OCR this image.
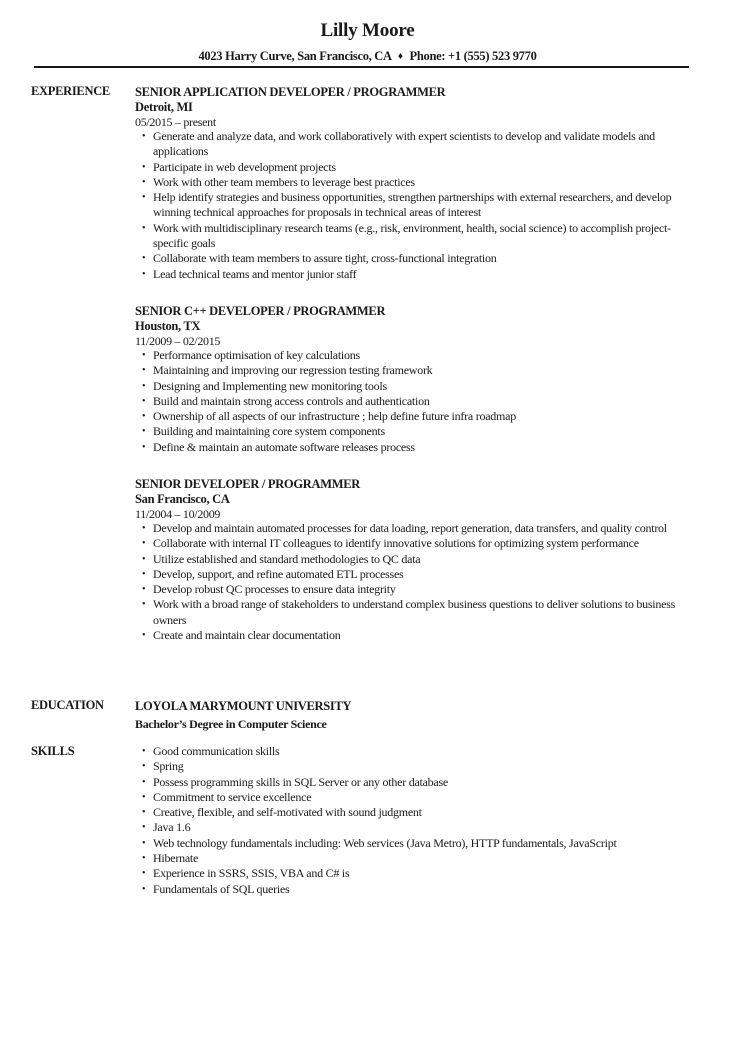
Lilly Moore
4023 Harry Curve, San Francisco, CA ♦ Phone: +1 (555) 523 9770
EXPERIENCE SENIOR APPLICATION DEVELOPER / PROGRAMMER
Detroit, MI
05/2015 – present
• Generate and analyze data, and work collaboratively with expert scientists to develop and validate models and applications
• Participate in web development projects
• Work with other team members to leverage best practices
• Help identify strategies and business opportunities, strengthen partnerships with external researchers, and develop winning technical approaches for proposals in technical areas of interest
• Work with multidisciplinary research teams (e.g., risk, environment, health, social science) to accomplish project-specific goals
• Collaborate with team members to assure tight, cross-functional integration
• Lead technical teams and mentor junior staff
SENIOR C++ DEVELOPER / PROGRAMMER
Houston, TX
11/2009 – 02/2015
• Performance optimisation of key calculations
• Maintaining and improving our regression testing framework
• Designing and Implementing new monitoring tools
• Build and maintain strong access controls and authentication
• Ownership of all aspects of our infrastructure ; help define future infra roadmap
• Building and maintaining core system components
• Define & maintain an automate software releases process
SENIOR DEVELOPER / PROGRAMMER
San Francisco, CA
11/2004 – 10/2009
• Develop and maintain automated processes for data loading, report generation, data transfers, and quality control
• Collaborate with internal IT colleagues to identify innovative solutions for optimizing system performance
• Utilize established and standard methodologies to QC data
• Develop, support, and refine automated ETL processes
• Develop robust QC processes to ensure data integrity
• Work with a broad range of stakeholders to understand complex business questions to deliver solutions to business owners
• Create and maintain clear documentation
EDUCATION LOYOLA MARYMOUNT UNIVERSITY
Bachelor’s Degree in Computer Science
SKILLS	• Good communication skills
• Spring
• Possess programming skills in SQL Server or any other database
• Commitment to service excellence
• Creative, flexible, and self-motivated with sound judgment
• Java 1.6
• Web technology fundamentals including: Web services (Java Metro), HTTP fundamentals, JavaScript
• Hibernate
• Experience in SSRS, SSIS, VBA and C# is
• Fundamentals of SQL queries
